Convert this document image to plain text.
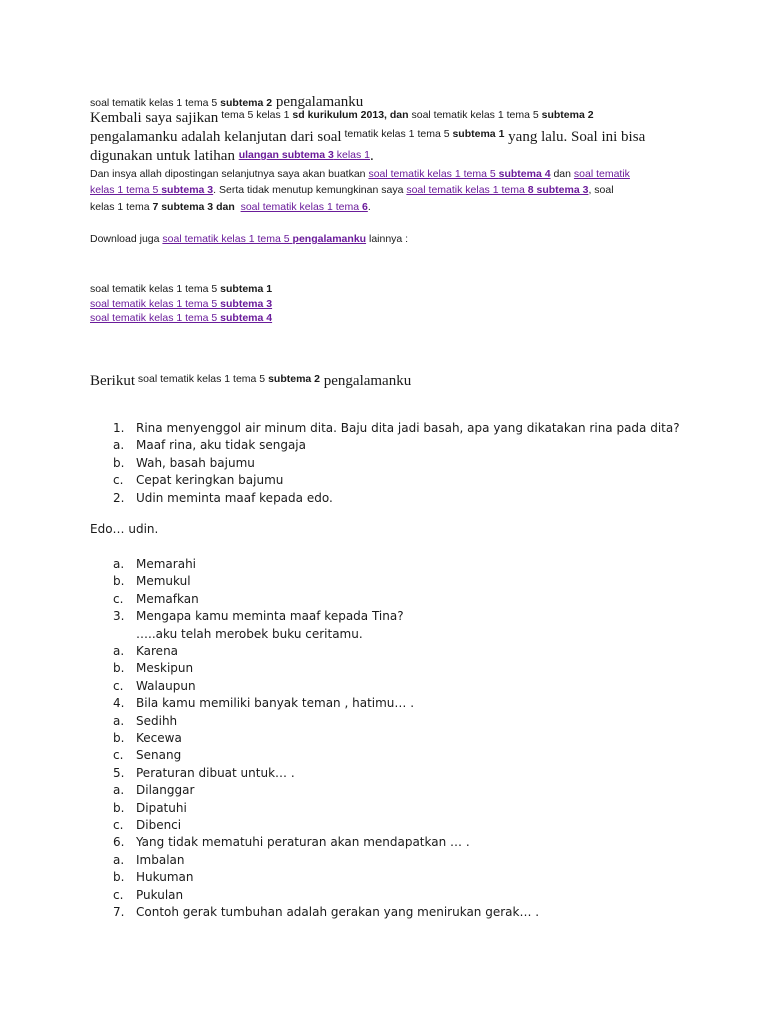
soal tematik kelas 1 tema 5 subtema 2 pengalamanku
Kembali saya sajikan $^{tema 5 kelas 1}$ $^{sd kurikulum 2013, dan}$ $^{soal tematik kelas 1 tema 5}$ $^{subtema 2}$
pengalamanku adalah kelanjutan dari soal $^{tematik kelas 1 tema 5}$ $^{subtema 1}$ yang lalu. Soal ini bisa
digunakan untuk latihan ulangan subtema 3 kelas 1.
Dan insya allah dipostingan selanjutnya saya akan buatkan soal tematik kelas 1 tema 5 subtema 4 dan soal tematik
kelas 1 tema 5 subtema 3. Serta tidak menutup kemungkinan saya soal tematik kelas 1 tema 8 subtema 3, soal
kelas 1 tema 7 subtema 3 dan soal tematik kelas 1 tema 6.
Download juga soal tematik kelas 1 tema 5 pengalamanku lainnya :
soal tematik kelas 1 tema 5 subtema 1
soal tematik kelas 1 tema 5 subtema 3
soal tematik kelas 1 tema 5 subtema 4
Berikut soal tematik kelas 1 tema 5 subtema 2 pengalamanku
1. Rina menyenggol air minum dita. Baju dita jadi basah, apa yang dikatakan rina pada dita?
a. Maaf rina, aku tidak sengaja
b. Wah, basah bajumu
c. Cepat keringkan bajumu
2. Udin meminta maaf kepada edo.
Edo… udin.
a. Memarahi
b. Memukul
c. Memafkan
3. Mengapa kamu meminta maaf kepada Tina?
…..aku telah merobek buku ceritamu.
a. Karena
b. Meskipun
c. Walaupun
4. Bila kamu memiliki banyak teman , hatimu… .
a. Sedihh
b. Kecewa
c. Senang
5. Peraturan dibuat untuk… .
a. Dilanggar
b. Dipatuhi
c. Dibenci
6. Yang tidak mematuhi peraturan akan mendapatkan … .
a. Imbalan
b. Hukuman
c. Pukulan
7. Contoh gerak tumbuhan adalah gerakan yang menirukan gerak… .
